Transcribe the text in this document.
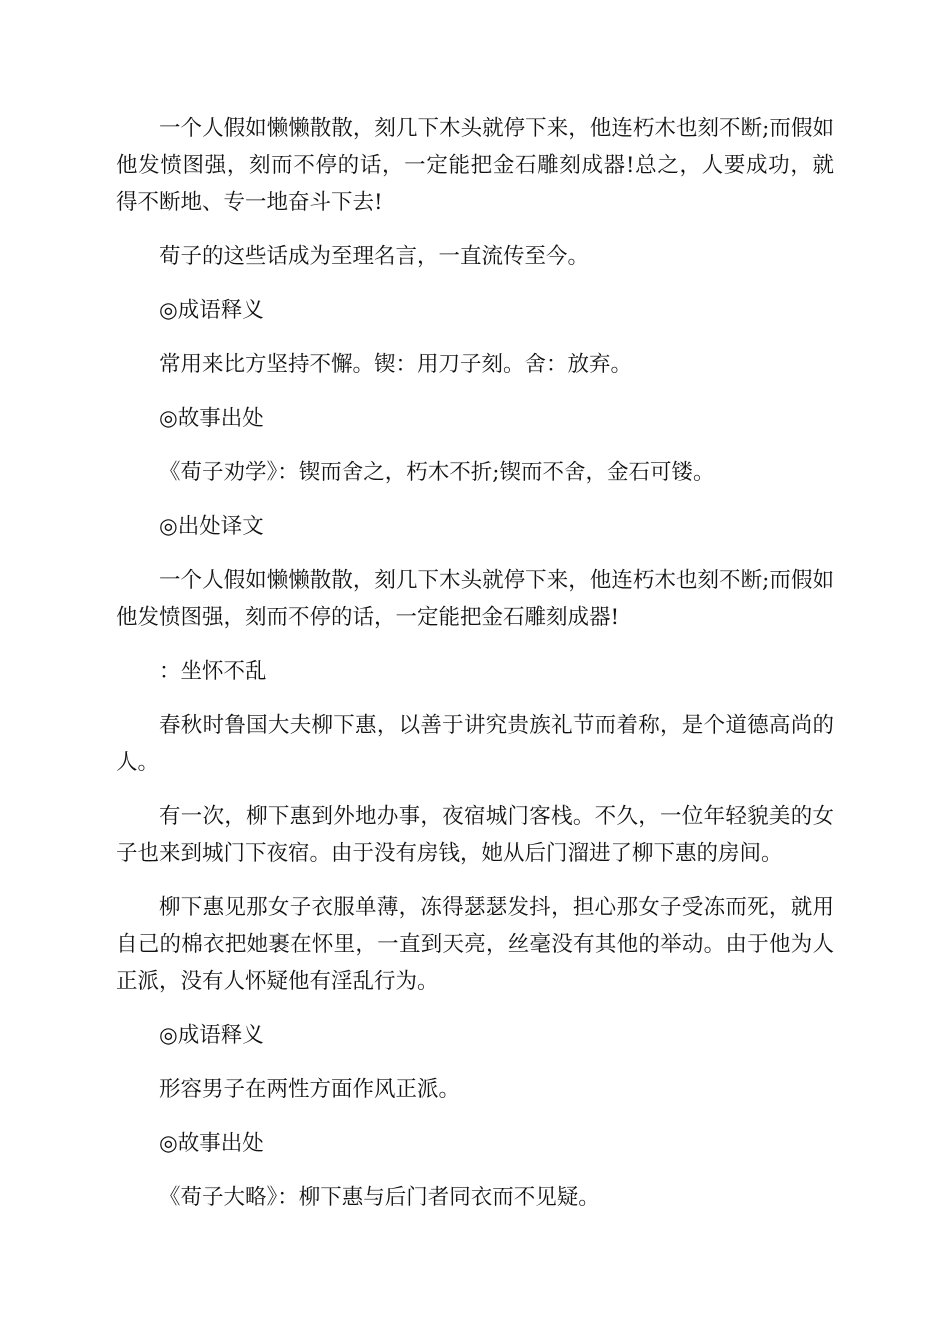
一个人假如懒懒散散，刻几下木头就停下来，他连朽木也刻不断;而假如他发愤图强，刻而不停的话，一定能把金石雕刻成器!总之，人要成功，就得不断地、专一地奋斗下去!

荀子的这些话成为至理名言，一直流传至今。

◎成语释义

常用来比方坚持不懈。锲：用刀子刻。舍：放弃。

◎故事出处

《荀子劝学》：锲而舍之，朽木不折;锲而不舍，金石可镂。

◎出处译文

一个人假如懒懒散散，刻几下木头就停下来，他连朽木也刻不断;而假如他发愤图强，刻而不停的话，一定能把金石雕刻成器!

：坐怀不乱

春秋时鲁国大夫柳下惠，以善于讲究贵族礼节而着称，是个道德高尚的人。

有一次，柳下惠到外地办事，夜宿城门客栈。不久，一位年轻貌美的女子也来到城门下夜宿。由于没有房钱，她从后门溜进了柳下惠的房间。

柳下惠见那女子衣服单薄，冻得瑟瑟发抖，担心那女子受冻而死，就用自己的棉衣把她裹在怀里，一直到天亮，丝毫没有其他的举动。由于他为人正派，没有人怀疑他有淫乱行为。

◎成语释义

形容男子在两性方面作风正派。

◎故事出处

《荀子大略》：柳下惠与后门者同衣而不见疑。
